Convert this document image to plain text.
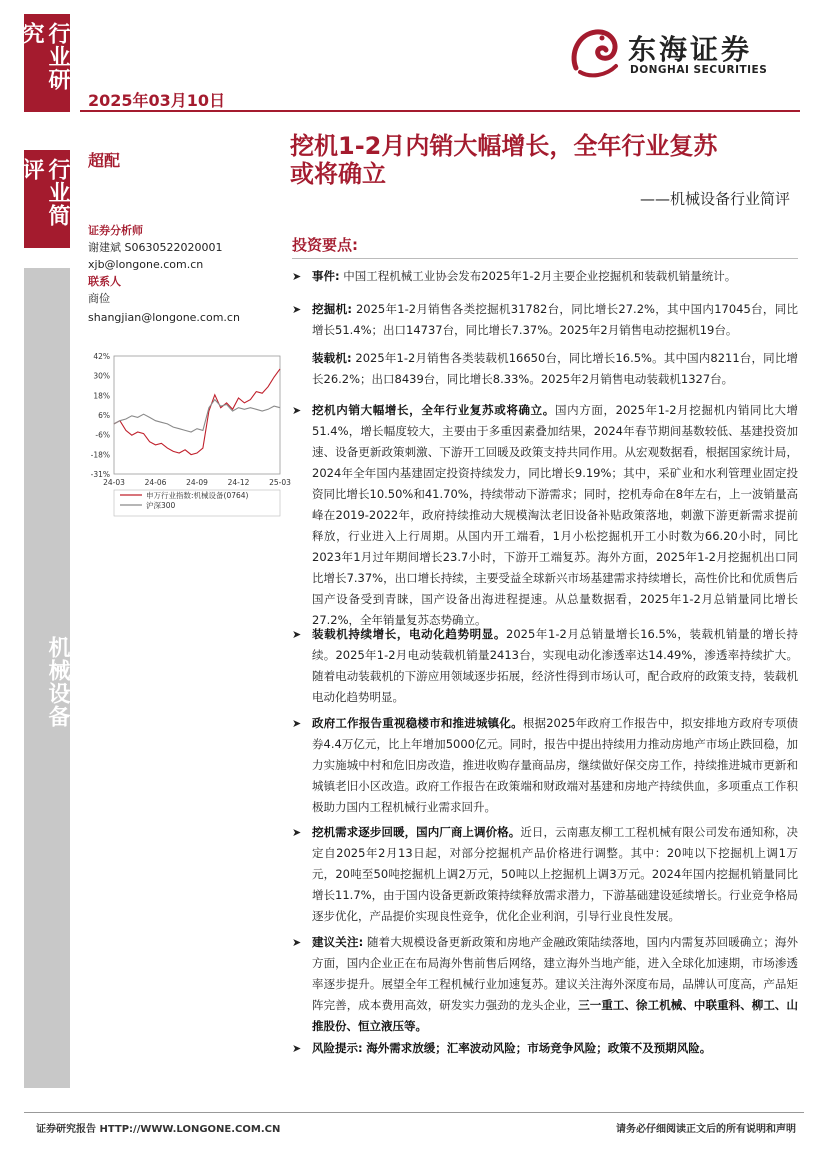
行业研究
行业简评
机械设备
2025年03月10日
东海证券
DONGHAI SECURITIES
超配
挖机1-2月内销大幅增长，全年行业复苏
或将确立
——机械设备行业简评
证券分析师
谢建斌 S0630522020001
xjb@longone.com.cn
联系人
商俭
shangjian@longone.com.cn
42%
30%
18%
6%
-6%
-18%
-31%
24-03	24-06	24-09	24-12	25-03
申万行业指数:机械设备(0764)
沪深300
投资要点:
➤ 事件: 中国工程机械工业协会发布2025年1-2月主要企业挖掘机和装载机销量统计。
➤ 挖掘机: 2025年1-2月销售各类挖掘机31782台，同比增长27.2%，其中国内17045台，同比增长51.4%；出口14737台，同比增长7.37%。2025年2月销售电动挖掘机19台。
装载机: 2025年1-2月销售各类装载机16650台，同比增长16.5%。其中国内8211台，同比增长26.2%；出口8439台，同比增长8.33%。2025年2月销售电动装载机1327台。
➤ 挖机内销大幅增长，全年行业复苏或将确立。国内方面，2025年1-2月挖掘机内销同比大增51.4%，增长幅度较大，主要由于多重因素叠加结果，2024年春节期间基数较低、基建投资加速、设备更新政策刺激、下游开工回暖及政策支持共同作用。从宏观数据看，根据国家统计局，2024年全年国内基建固定投资持续发力，同比增长9.19%；其中，采矿业和水利管理业固定投资同比增长10.50%和41.70%，持续带动下游需求；同时，挖机寿命在8年左右，上一波销量高峰在2019-2022年，政府持续推动大规模淘汰老旧设备补贴政策落地，刺激下游更新需求提前释放，行业进入上行周期。从国内开工端看，1月小松挖掘机开工小时数为66.20小时，同比2023年1月过年期间增长23.7小时，下游开工端复苏。海外方面，2025年1-2月挖掘机出口同比增长7.37%，出口增长持续，主要受益全球新兴市场基建需求持续增长，高性价比和优质售后国产设备受到青睐，国产设备出海进程提速。从总量数据看，2025年1-2月总销量同比增长27.2%，全年销量复苏态势确立。
➤ 装载机持续增长，电动化趋势明显。2025年1-2月总销量增长16.5%，装载机销量的增长持续。2025年1-2月电动装载机销量2413台，实现电动化渗透率达14.49%，渗透率持续扩大。随着电动装载机的下游应用领域逐步拓展，经济性得到市场认可，配合政府的政策支持，装载机电动化趋势明显。
➤ 政府工作报告重视稳楼市和推进城镇化。根据2025年政府工作报告中，拟安排地方政府专项债券4.4万亿元，比上年增加5000亿元。同时，报告中提出持续用力推动房地产市场止跌回稳，加力实施城中村和危旧房改造，推进收购存量商品房，继续做好保交房工作，持续推进城市更新和城镇老旧小区改造。政府工作报告在政策端和财政端对基建和房地产持续供血，多项重点工作积极助力国内工程机械行业需求回升。
➤ 挖机需求逐步回暖，国内厂商上调价格。近日，云南惠友柳工工程机械有限公司发布通知称，决定自2025年2月13日起，对部分挖掘机产品价格进行调整。其中：20吨以下挖掘机上调1万元，20吨至50吨挖掘机上调2万元，50吨以上挖掘机上调3万元。2024年国内挖掘机销量同比增长11.7%，由于国内设备更新政策持续释放需求潜力，下游基础建设延续增长。行业竞争格局逐步优化，产品提价实现良性竞争，优化企业利润，引导行业良性发展。
➤ 建议关注: 随着大规模设备更新政策和房地产金融政策陆续落地，国内内需复苏回暖确立；海外方面，国内企业正在布局海外售前售后网络，建立海外当地产能，进入全球化加速期，市场渗透率逐步提升。展望全年工程机械行业加速复苏。建议关注海外深度布局，品牌认可度高，产品矩阵完善，成本费用高效，研发实力强劲的龙头企业，三一重工、徐工机械、中联重科、柳工、山推股份、恒立液压等。
➤ 风险提示: 海外需求放缓；汇率波动风险；市场竞争风险；政策不及预期风险。
证券研究报告 HTTP://WWW.LONGONE.COM.CN	请务必仔细阅读正文后的所有说明和声明
